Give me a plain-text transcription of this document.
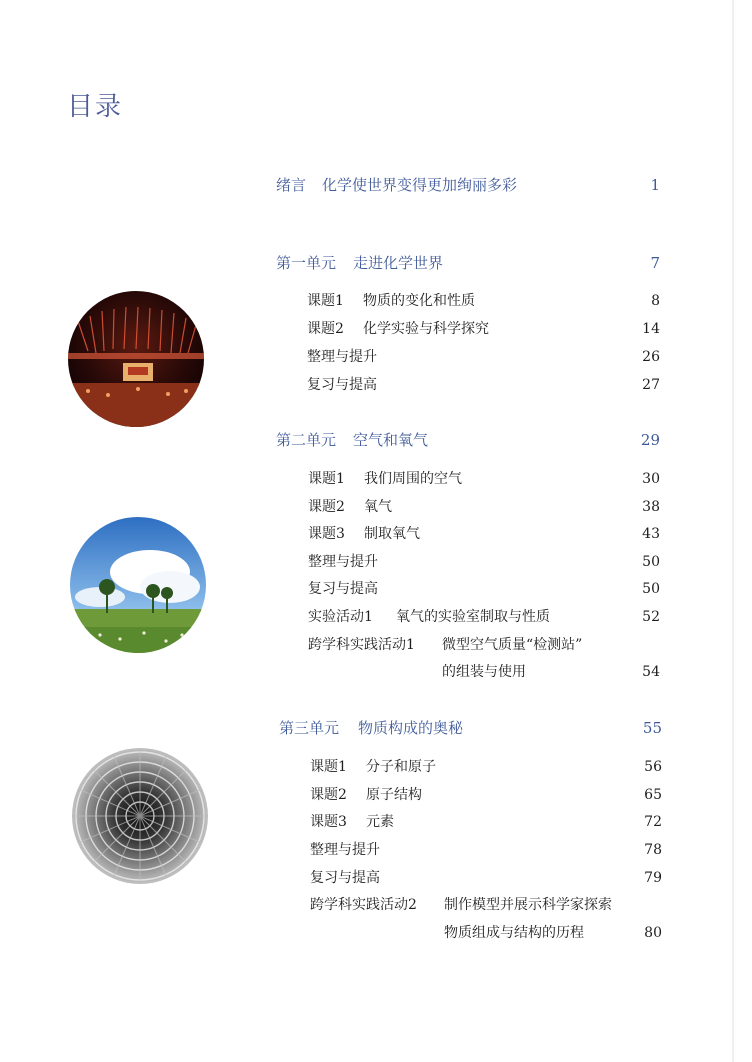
目录
绪言 化学使世界变得更加绚丽多彩	1
第一单元 走进化学世界	7
课题1 物质的变化和性质	8
课题2 化学实验与科学探究	14
整理与提升	26
复习与提高	27
第二单元 空气和氧气	29
课题1 我们周围的空气	30
课题2 氧气	38
课题3 制取氧气	43
整理与提升	50
复习与提高	50
实验活动1 氧气的实验室制取与性质	52
跨学科实践活动1 微型空气质量“检测站”
的组装与使用	54
第三单元 物质构成的奥秘	55
课题1 分子和原子	56
课题2 原子结构	65
课题3 元素	72
整理与提升	78
复习与提高	79
跨学科实践活动2 制作模型并展示科学家探索
物质组成与结构的历程	80
